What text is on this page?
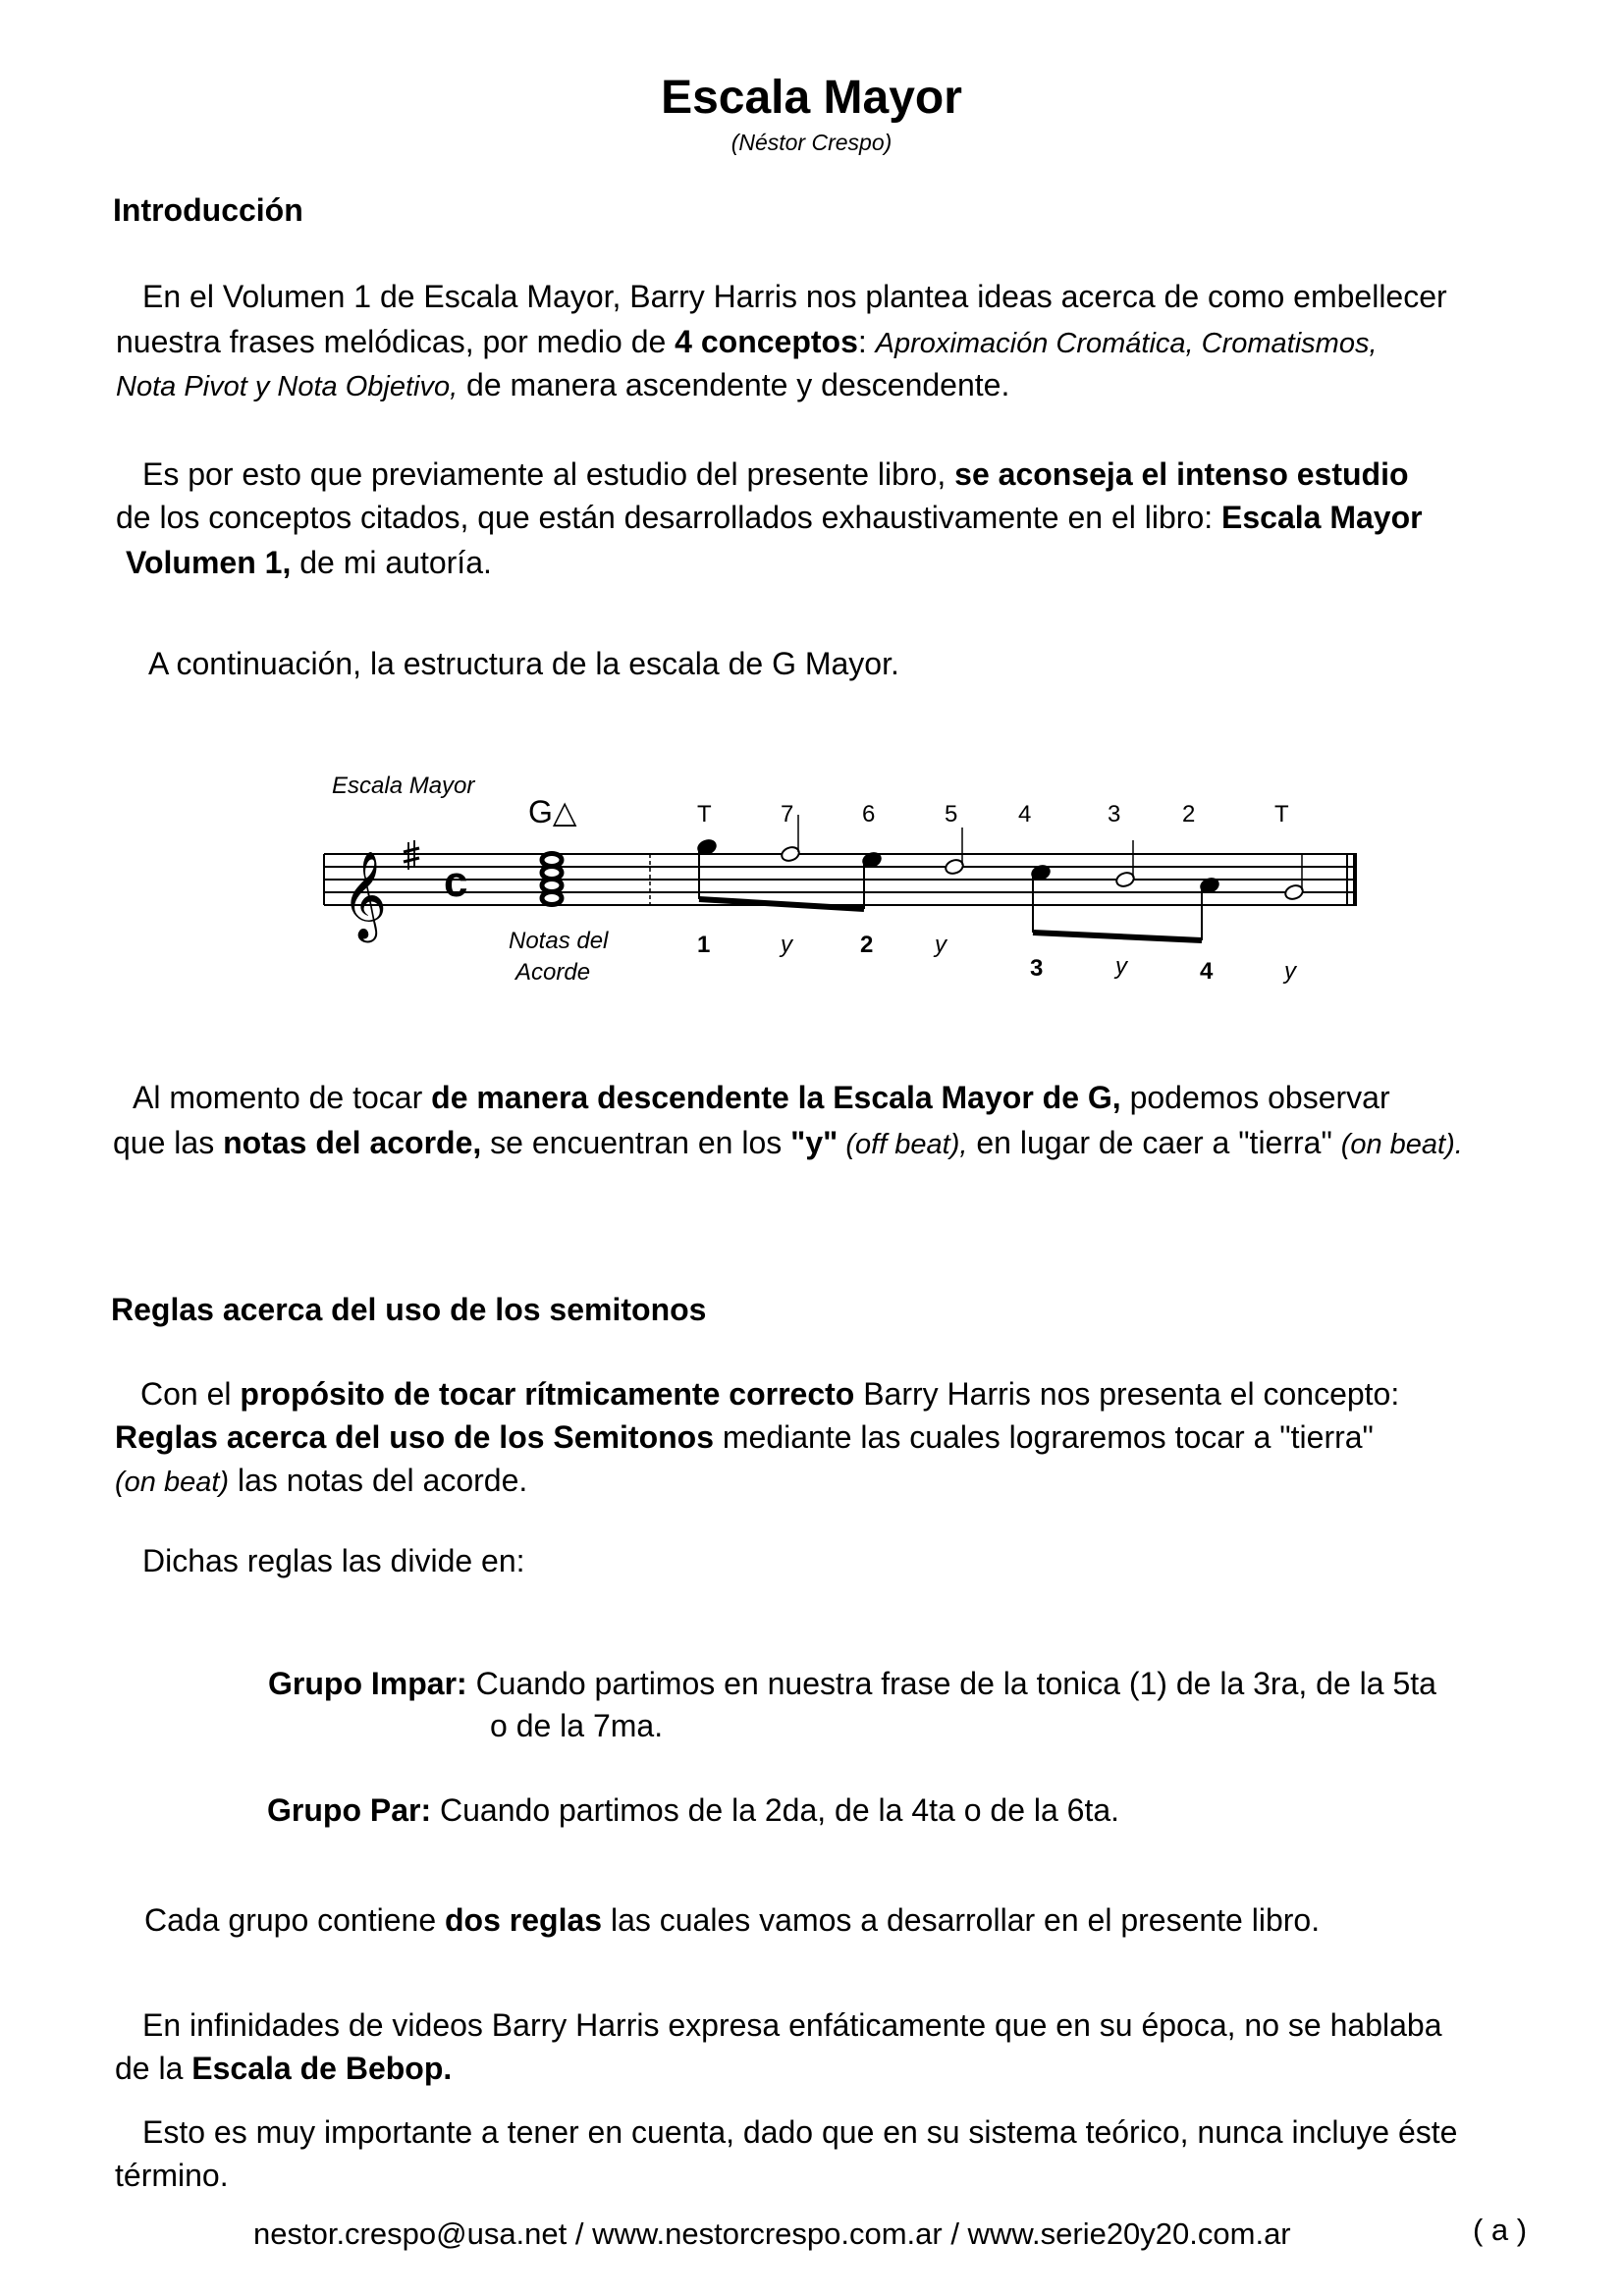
Escala Mayor
(Néstor Crespo)
Introducción
En el Volumen 1 de Escala Mayor, Barry Harris nos plantea ideas acerca de como embellecer
nuestra frases melódicas, por medio de 4 conceptos: Aproximación Cromática, Cromatismos,
Nota Pivot y Nota Objetivo, de manera ascendente y descendente.
Es por esto que previamente al estudio del presente libro, se aconseja el intenso estudio
de los conceptos citados, que están desarrollados exhaustivamente en el libro: Escala Mayor
Volumen 1, de mi autoría.
A continuación, la estructura de la escala de G Mayor.
Escala Mayor
G△	T	7	6	5	4	3	2	T
𝄞 c
Notas del
Acorde
1	y	2	y
3	y	4	y
Al momento de tocar de manera descendente la Escala Mayor de G, podemos observar
que las notas del acorde, se encuentran en los "y" (off beat), en lugar de caer a "tierra" (on beat).
Reglas acerca del uso de los semitonos
Con el propósito de tocar rítmicamente correcto Barry Harris nos presenta el concepto:
Reglas acerca del uso de los Semitonos mediante las cuales lograremos tocar a "tierra"
(on beat) las notas del acorde.
Dichas reglas las divide en:
Grupo Impar: Cuando partimos en nuestra frase de la tonica (1) de la 3ra, de la 5ta
o de la 7ma.
Grupo Par: Cuando partimos de la 2da, de la 4ta o de la 6ta.
Cada grupo contiene dos reglas las cuales vamos a desarrollar en el presente libro.
En infinidades de videos Barry Harris expresa enfáticamente que en su época, no se hablaba
de la Escala de Bebop.
Esto es muy importante a tener en cuenta, dado que en su sistema teórico, nunca incluye éste
término.
nestor.crespo@usa.net / www.nestorcrespo.com.ar / www.serie20y20.com.ar	( a )
